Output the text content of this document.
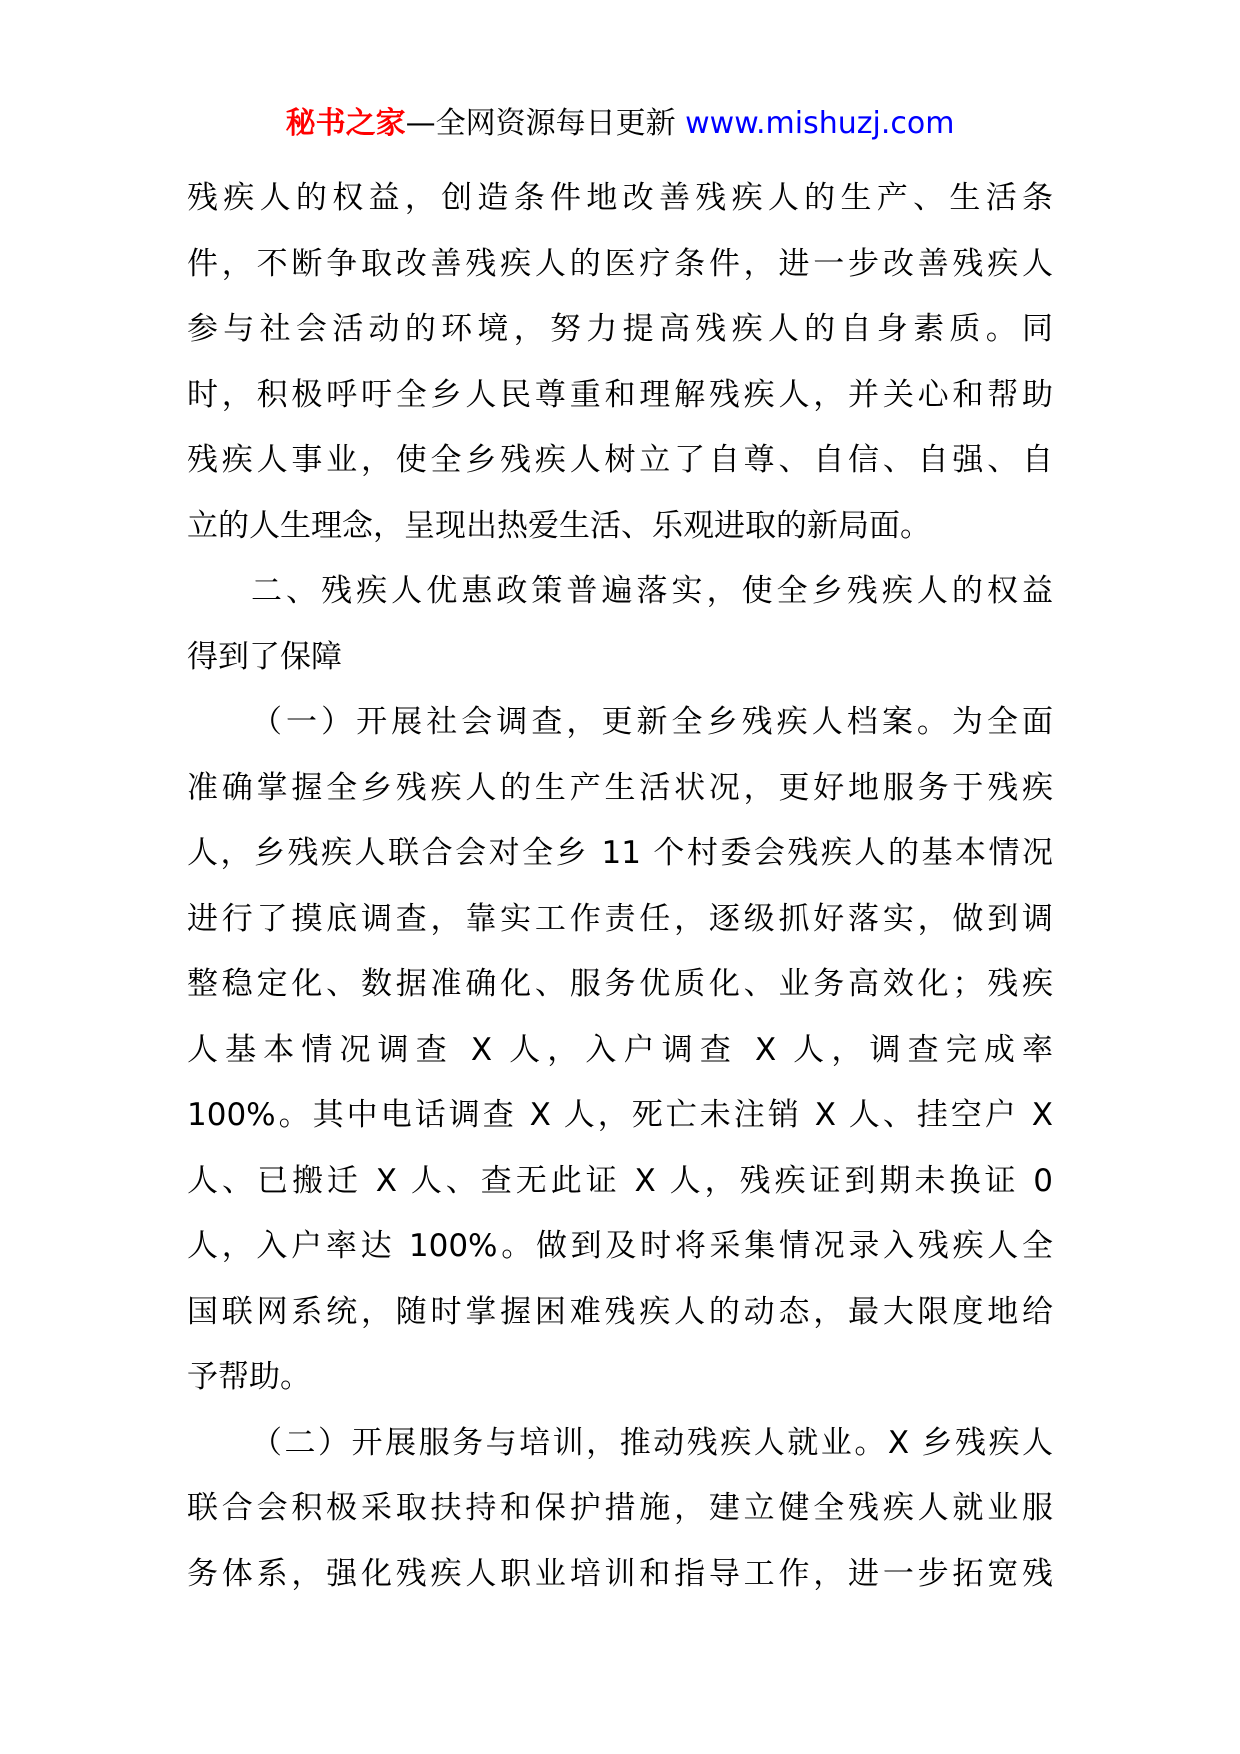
秘书之家—全网资源每日更新 www.mishuzj.com
残疾人的权益，创造条件地改善残疾人的生产、生活条
件，不断争取改善残疾人的医疗条件，进一步改善残疾人
参与社会活动的环境，努力提高残疾人的自身素质。同
时，积极呼吁全乡人民尊重和理解残疾人，并关心和帮助
残疾人事业，使全乡残疾人树立了自尊、自信、自强、自
立的人生理念，呈现出热爱生活、乐观进取的新局面。
二、残疾人优惠政策普遍落实，使全乡残疾人的权益
得到了保障
（一）开展社会调查，更新全乡残疾人档案。为全面
准确掌握全乡残疾人的生产生活状况，更好地服务于残疾
人，乡残疾人联合会对全乡 11 个村委会残疾人的基本情况
进行了摸底调查，靠实工作责任，逐级抓好落实，做到调
整稳定化、数据准确化、服务优质化、业务高效化；残疾
人基本情况调查 X 人，入户调查 X 人，调查完成率
100%。其中电话调查 X 人，死亡未注销 X 人、挂空户 X
人、已搬迁 X 人、查无此证 X 人，残疾证到期未换证 0
人，入户率达 100%。做到及时将采集情况录入残疾人全
国联网系统，随时掌握困难残疾人的动态，最大限度地给
予帮助。
（二）开展服务与培训，推动残疾人就业。X 乡残疾人
联合会积极采取扶持和保护措施，建立健全残疾人就业服
务体系，强化残疾人职业培训和指导工作，进一步拓宽残
